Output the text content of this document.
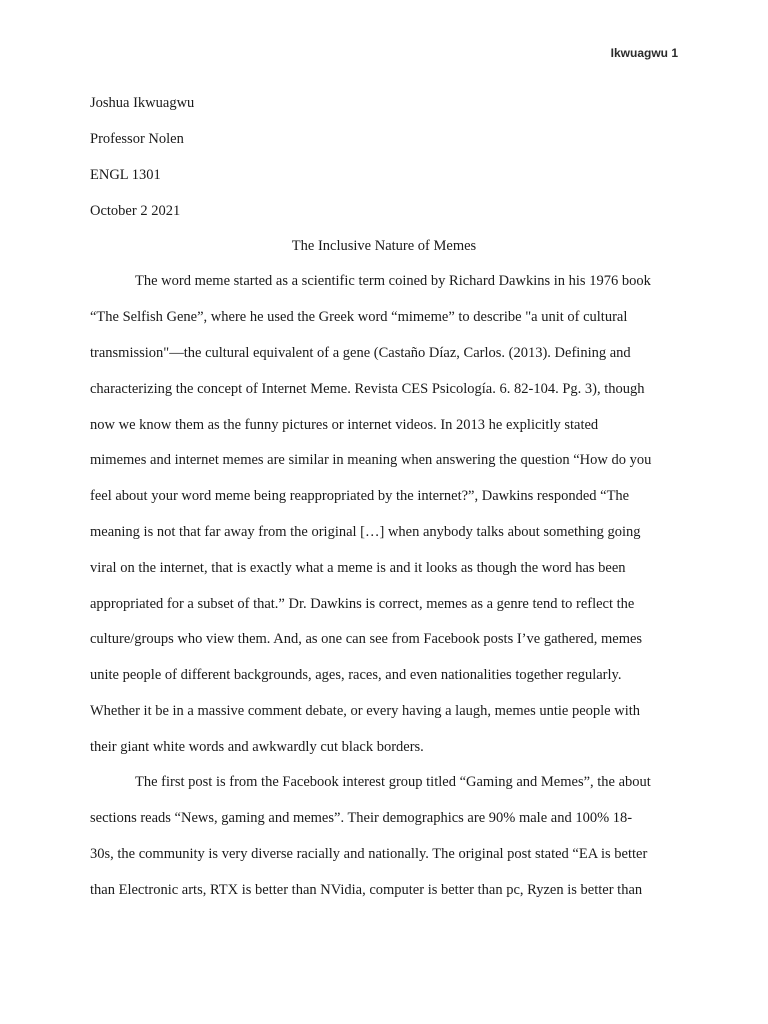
Ikwuagwu 1
Joshua Ikwuagwu
Professor Nolen
ENGL 1301
October 2 2021
The Inclusive Nature of Memes
The word meme started as a scientific term coined by Richard Dawkins in his 1976 book
“The Selfish Gene”, where he used the Greek word “mimeme” to describe "a unit of cultural
transmission"—the cultural equivalent of a gene (Castaño Díaz, Carlos. (2013). Defining and
characterizing the concept of Internet Meme. Revista CES Psicología. 6. 82-104. Pg. 3), though
now we know them as the funny pictures or internet videos. In 2013 he explicitly stated
mimemes and internet memes are similar in meaning when answering the question “How do you
feel about your word meme being reappropriated by the internet?”, Dawkins responded “The
meaning is not that far away from the original […] when anybody talks about something going
viral on the internet, that is exactly what a meme is and it looks as though the word has been
appropriated for a subset of that.” Dr. Dawkins is correct, memes as a genre tend to reflect the
culture/groups who view them. And, as one can see from Facebook posts I’ve gathered, memes
unite people of different backgrounds, ages, races, and even nationalities together regularly.
Whether it be in a massive comment debate, or every having a laugh, memes untie people with
their giant white words and awkwardly cut black borders.
The first post is from the Facebook interest group titled “Gaming and Memes”, the about
sections reads “News, gaming and memes”. Their demographics are 90% male and 100% 18-
30s, the community is very diverse racially and nationally. The original post stated “EA is better
than Electronic arts, RTX is better than NVidia, computer is better than pc, Ryzen is better than
